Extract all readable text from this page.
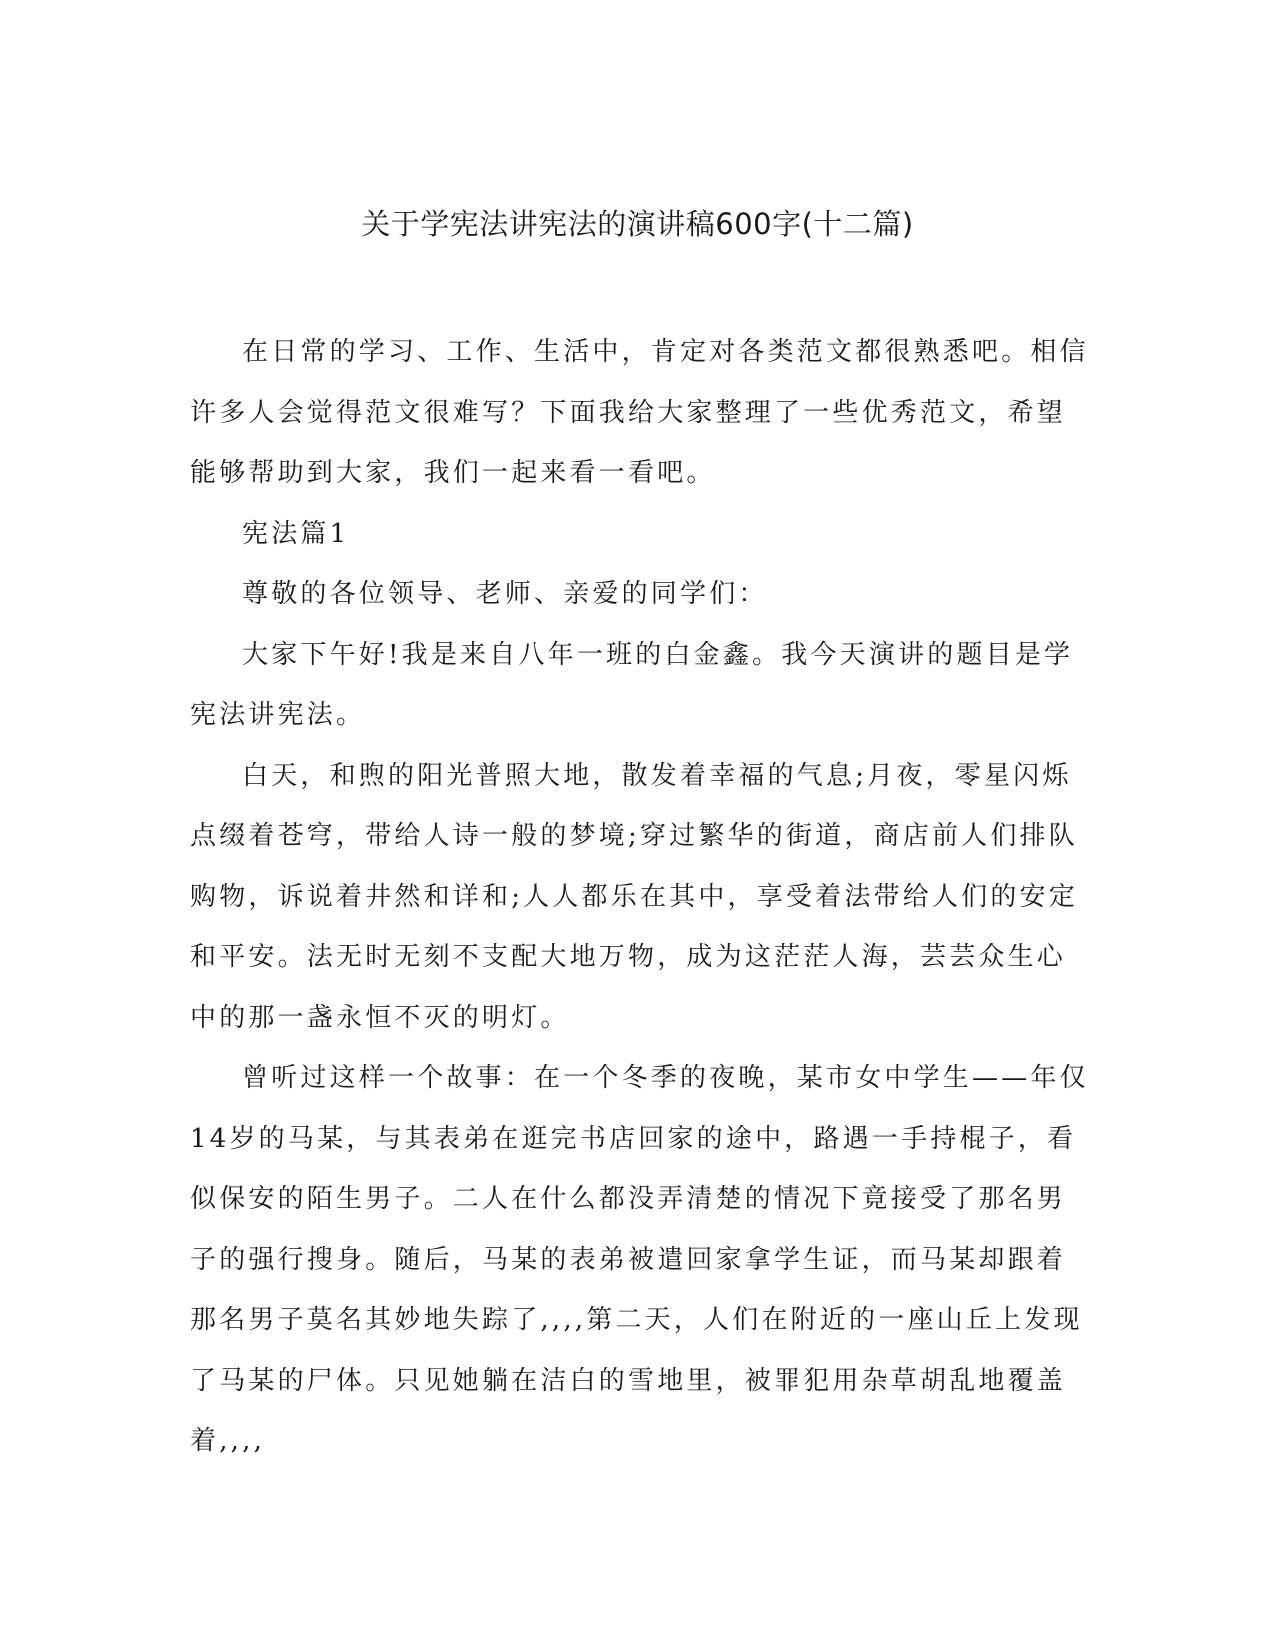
关于学宪法讲宪法的演讲稿600字(十二篇)

在日常的学习、工作、生活中，肯定对各类范文都很熟悉吧。相信许多人会觉得范文很难写？下面我给大家整理了一些优秀范文，希望能够帮助到大家，我们一起来看一看吧。

宪法篇1

尊敬的各位领导、老师、亲爱的同学们：

大家下午好!我是来自八年一班的白金鑫。我今天演讲的题目是学宪法讲宪法。

白天，和煦的阳光普照大地，散发着幸福的气息;月夜，零星闪烁点缀着苍穹，带给人诗一般的梦境;穿过繁华的街道，商店前人们排队购物，诉说着井然和详和;人人都乐在其中，享受着法带给人们的安定和平安。法无时无刻不支配大地万物，成为这茫茫人海，芸芸众生心中的那一盏永恒不灭的明灯。

曾听过这样一个故事：在一个冬季的夜晚，某市女中学生——年仅14岁的马某，与其表弟在逛完书店回家的途中，路遇一手持棍子，看似保安的陌生男子。二人在什么都没弄清楚的情况下竟接受了那名男子的强行搜身。随后，马某的表弟被遣回家拿学生证，而马某却跟着那名男子莫名其妙地失踪了,,,,第二天，人们在附近的一座山丘上发现了马某的尸体。只见她躺在洁白的雪地里，被罪犯用杂草胡乱地覆盖着,,,,
